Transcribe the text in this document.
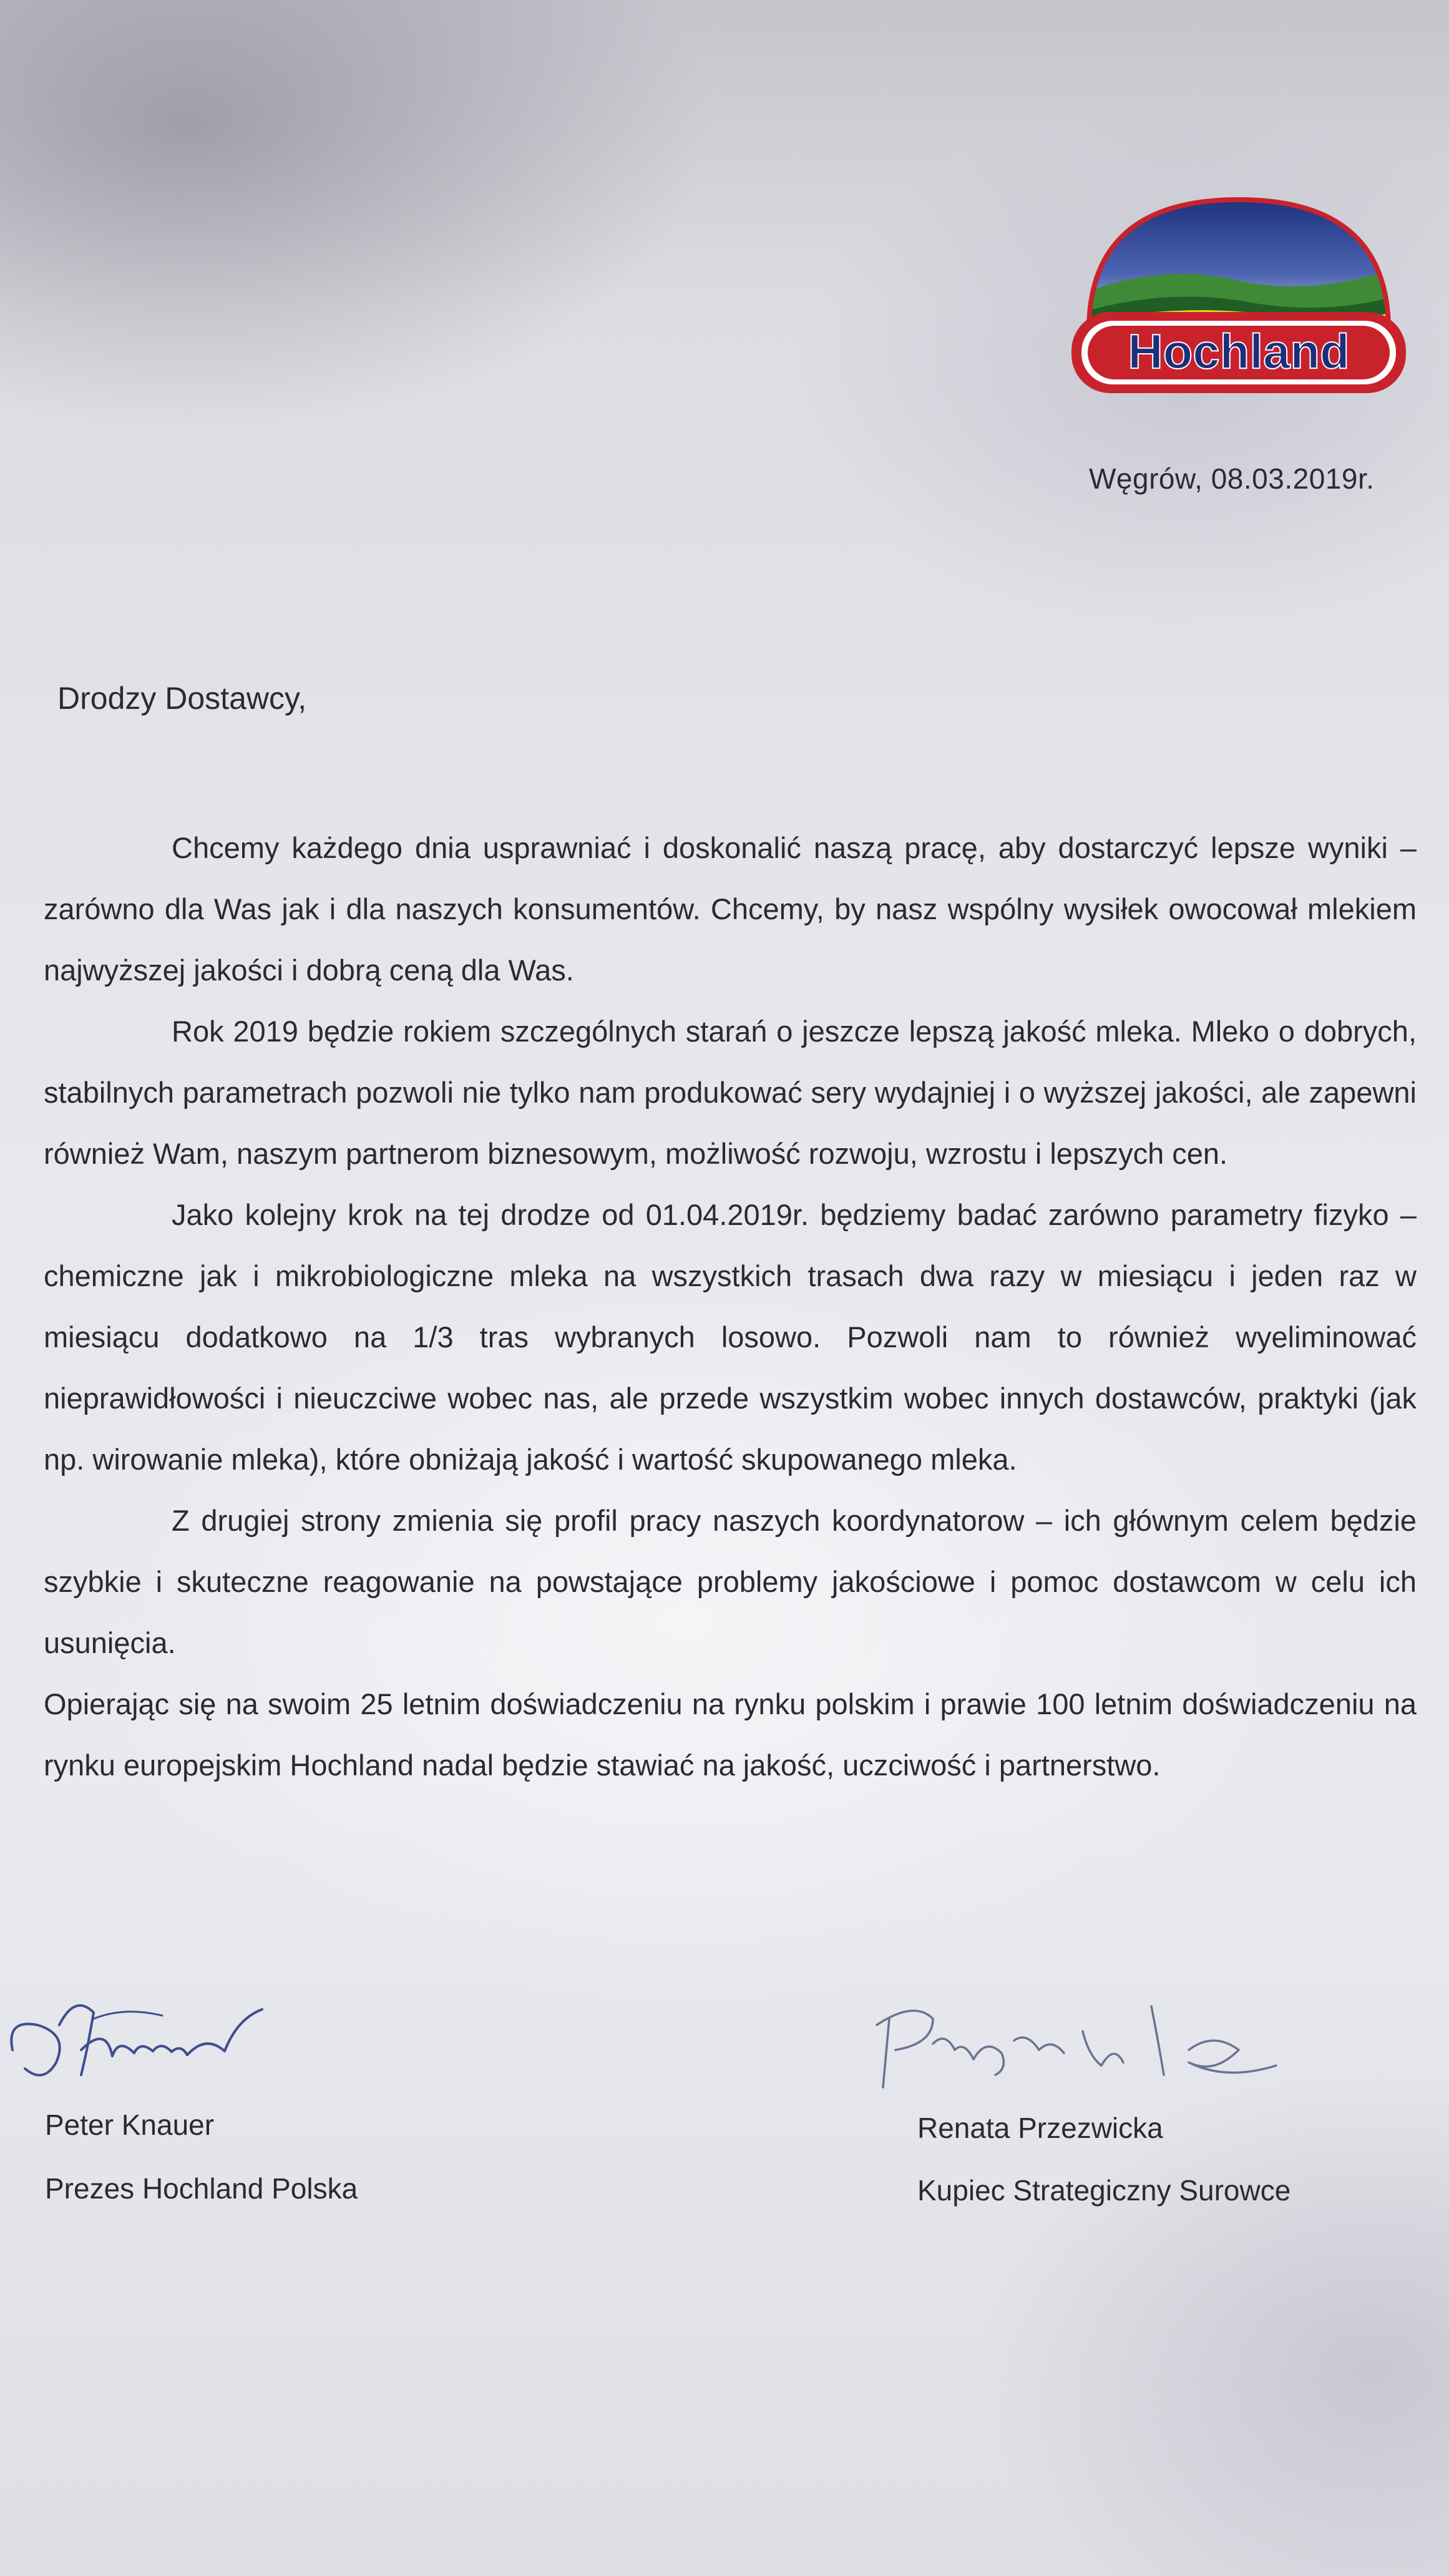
Hochland
Węgrów, 08.03.2019r.
Drodzy Dostawcy,

Chcemy każdego dnia usprawniać i doskonalić naszą pracę, aby dostarczyć lepsze wyniki – zarówno dla Was jak i dla naszych konsumentów. Chcemy, by nasz wspólny wysiłek owocował mlekiem najwyższej jakości i dobrą ceną dla Was.

Rok 2019 będzie rokiem szczególnych starań o jeszcze lepszą jakość mleka. Mleko o dobrych, stabilnych parametrach pozwoli nie tylko nam produkować sery wydajniej i o wyższej jakości, ale zapewni również Wam, naszym partnerom biznesowym, możliwość rozwoju, wzrostu i lepszych cen.

Jako kolejny krok na tej drodze od 01.04.2019r. będziemy badać zarówno parametry fizyko – chemiczne jak i mikrobiologiczne mleka na wszystkich trasach dwa razy w miesiącu i jeden raz w miesiącu dodatkowo na 1/3 tras wybranych losowo. Pozwoli nam to również wyeliminować nieprawidłowości i nieuczciwe wobec nas, ale przede wszystkim wobec innych dostawców, praktyki (jak np. wirowanie mleka), które obniżają jakość i wartość skupowanego mleka.

Z drugiej strony zmienia się profil pracy naszych koordynatorow – ich głównym celem będzie szybkie i skuteczne reagowanie na powstające problemy jakościowe i pomoc dostawcom w celu ich usunięcia.

Opierając się na swoim 25 letnim doświadczeniu na rynku polskim i prawie 100 letnim doświadczeniu na rynku europejskim Hochland nadal będzie stawiać na jakość, uczciwość i partnerstwo.

Peter Knauer
Prezes Hochland Polska
Renata Przezwicka
Kupiec Strategiczny Surowce
